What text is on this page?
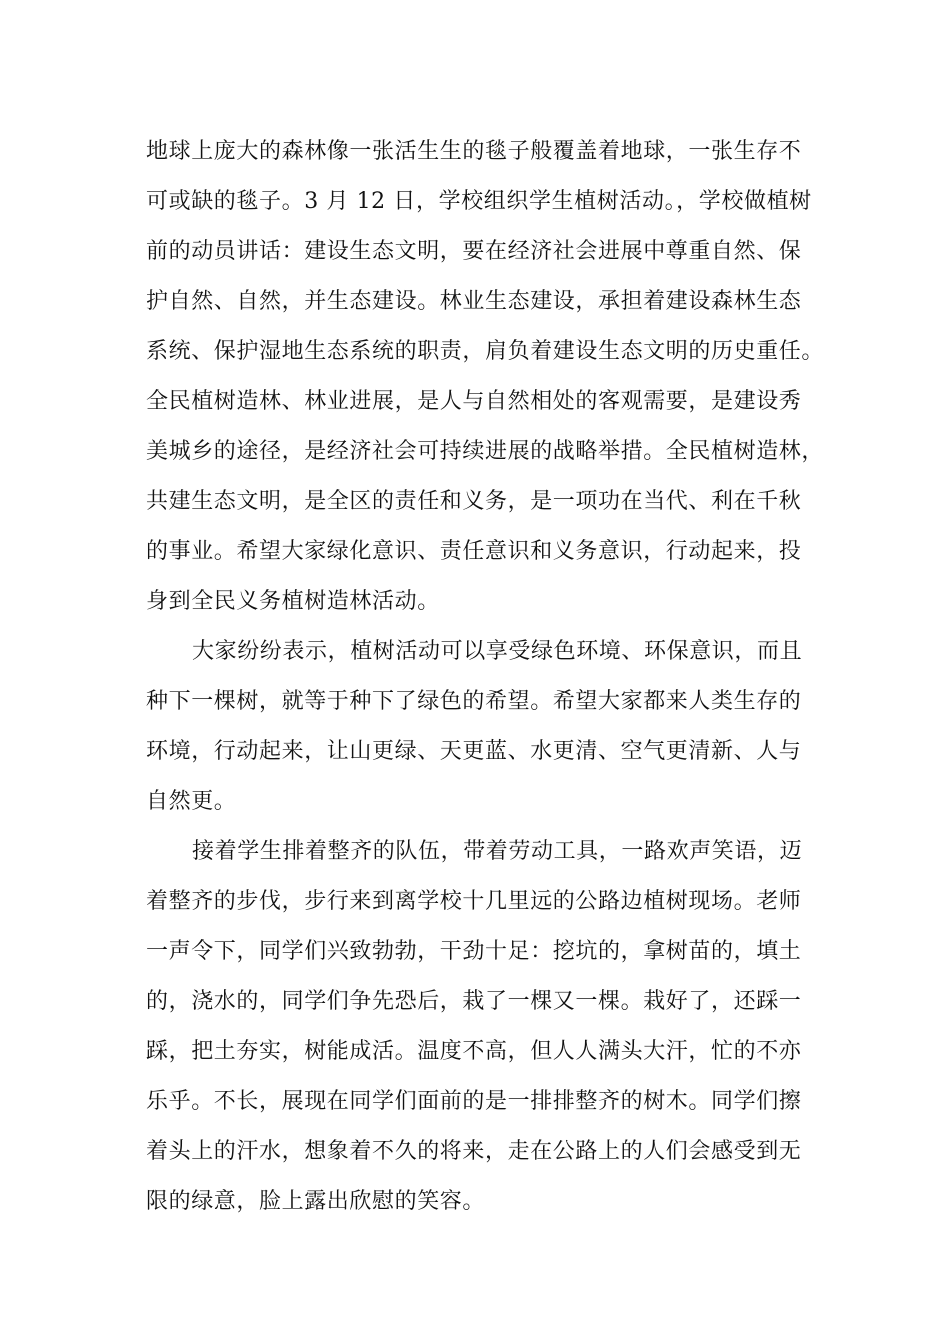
地球上庞大的森林像一张活生生的毯子般覆盖着地球，一张生存不
可或缺的毯子。3 月 12 日，学校组织学生植树活动。，学校做植树
前的动员讲话：建设生态文明，要在经济社会进展中尊重自然、保
护自然、自然，并生态建设。林业生态建设，承担着建设森林生态
系统、保护湿地生态系统的职责，肩负着建设生态文明的历史重任。
全民植树造林、林业进展，是人与自然相处的客观需要，是建设秀
美城乡的途径，是经济社会可持续进展的战略举措。全民植树造林，
共建生态文明，是全区的责任和义务，是一项功在当代、利在千秋
的事业。希望大家绿化意识、责任意识和义务意识，行动起来，投
身到全民义务植树造林活动。

大家纷纷表示，植树活动可以享受绿色环境、环保意识，而且
种下一棵树，就等于种下了绿色的希望。希望大家都来人类生存的
环境，行动起来，让山更绿、天更蓝、水更清、空气更清新、人与
自然更。

接着学生排着整齐的队伍，带着劳动工具，一路欢声笑语，迈
着整齐的步伐，步行来到离学校十几里远的公路边植树现场。老师
一声令下，同学们兴致勃勃，干劲十足：挖坑的，拿树苗的，填土
的，浇水的，同学们争先恐后，栽了一棵又一棵。栽好了，还踩一
踩，把土夯实，树能成活。温度不高，但人人满头大汗，忙的不亦
乐乎。不长，展现在同学们面前的是一排排整齐的树木。同学们擦
着头上的汗水，想象着不久的将来，走在公路上的人们会感受到无
限的绿意，脸上露出欣慰的笑容。
